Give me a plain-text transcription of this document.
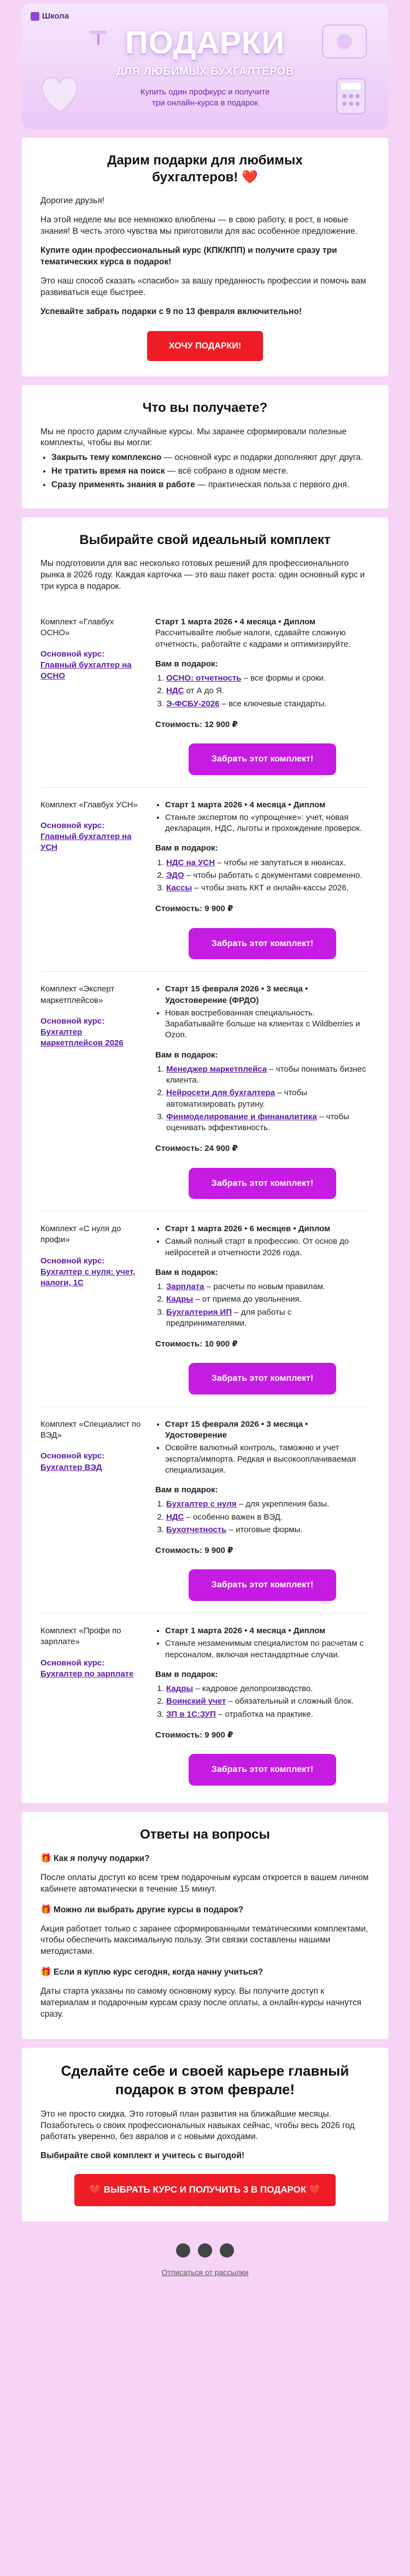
Школа
ПОДАРКИ
ДЛЯ ЛЮБИМЫХ БУХГАЛТЕРОВ
Купить один профкурс и получите три онлайн-курса в подарок
Дарим подарки для любимых бухгалтеров! ❤️

Дорогие друзья!

На этой неделе мы все немножко влюблены — в свою работу, в рост, в новые знания! В честь этого чувства мы приготовили для вас особенное предложение.

Купите один профессиональный курс (КПК/КПП) и получите сразу три тематических курса в подарок!

Это наш способ сказать «спасибо» за вашу преданность профессии и помочь вам развиваться еще быстрее.

Успевайте забрать подарки с 9 по 13 февраля включительно!

ХОЧУ ПОДАРКИ!
Что вы получаете?

Мы не просто дарим случайные курсы. Мы заранее сформировали полезные комплекты, чтобы вы могли:

• Закрыть тему комплексно — основной курс и подарки дополняют друг друга.
• Не тратить время на поиск — всё собрано в одном месте.
• Сразу применять знания в работе — практическая польза с первого дня.
Выбирайте свой идеальный комплект

Мы подготовили для вас несколько готовых решений для профессионального рынка в 2026 году. Каждая карточка — это ваш пакет роста: один основный курс и три курса в подарок.

Комплект «Главбух ОСНО»
Основной курс:
Главный бухгалтер на ОСНО
Старт 1 марта 2026 • 4 месяца • Диплом
Рассчитывайте любые налоги, сдавайте сложную отчетность, работайте с кадрами и оптимизируйте.
Вам в подарок:
1. ОСНО: отчетность – все формы и сроки.
2. НДС от А до Я.
3. Э-ФСБУ-2026 – все ключевые стандарты.
Стоимость: 12 900 ₽
Забрать этот комплект!
Комплект «Главбух УСН»
Основной курс:
Главный бухгалтер на УСН
• Старт 1 марта 2026 • 4 месяца • Диплом
• Станьте экспертом по «упрощенке»: учет, новая декларация, НДС, льготы и прохождение проверок.
Вам в подарок:
1. НДС на УСН – чтобы не запутаться в нюансах.
2. ЭДО – чтобы работать с документами современно.
3. Кассы – чтобы знать ККТ и онлайн-кассы 2026.
Стоимость: 9 900 ₽
Забрать этот комплект!
Комплект «Эксперт маркетплейсов»
Основной курс:
Бухгалтер маркетплейсов 2026
• Старт 15 февраля 2026 • 3 месяца • Удостоверение (ФРДО)
• Новая востребованная специальность. Зарабатывайте больше на клиентах с Wildberries и Ozon.
Вам в подарок:
1. Менеджер маркетплейса – чтобы понимать бизнес клиента.
2. Нейросети для бухгалтера – чтобы автоматизировать рутину.
3. Финмоделирование и финаналитика – чтобы оценивать эффективность.
Стоимость: 24 900 ₽
Забрать этот комплект!
Комплект «С нуля до профи»
Основной курс:
Бухгалтер с нуля: учет, налоги, 1С
• Старт 1 марта 2026 • 6 месяцев • Диплом
• Самый полный старт в профессию. От основ до нейросетей и отчетности 2026 года.
Вам в подарок:
1. Зарплата – расчеты по новым правилам.
2. Кадры – от приема до увольнения.
3. Бухгалтерия ИП – для работы с предпринимателями.
Стоимость: 10 900 ₽
Забрать этот комплект!
Комплект «Специалист по ВЭД»
Основной курс:
Бухгалтер ВЭД
• Старт 15 февраля 2026 • 3 месяца • Удостоверение
• Освойте валютный контроль, таможню и учет экспорта/импорта. Редкая и высокооплачиваемая специализация.
Вам в подарок:
1. Бухгалтер с нуля – для укрепления базы.
2. НДС – особенно важен в ВЭД.
3. Бухотчетность – итоговые формы.
Стоимость: 9 900 ₽
Забрать этот комплект!
Комплект «Профи по зарплате»
Основной курс:
Бухгалтер по зарплате
• Старт 1 марта 2026 • 4 месяца • Диплом
• Станьте незаменимым специалистом по расчетам с персоналом, включая нестандартные случаи.
Вам в подарок:
1. Кадры – кадровое делопроизводство.
2. Воинский учет – обязательный и сложный блок.
3. ЗП в 1С:ЗУП – отработка на практике.
Стоимость: 9 900 ₽
Забрать этот комплект!
Ответы на вопросы

🎁 Как я получу подарки?

После оплаты доступ ко всем трем подарочным курсам откроется в вашем личном кабинете автоматически в течение 15 минут.

🎁 Можно ли выбрать другие курсы в подарок?

Акция работает только с заранее сформированными тематическими комплектами, чтобы обеспечить максимальную пользу. Эти связки составлены нашими методистами.

🎁 Если я куплю курс сегодня, когда начну учиться?

Даты старта указаны по самому основному курсу. Вы получите доступ к материалам и подарочным курсам сразу после оплаты, а онлайн-курсы начнутся сразу.

Сделайте себе и своей карьере главный подарок в этом феврале!

Это не просто скидка. Это готовый план развития на ближайшие месяцы. Позаботьтесь о своих профессиональных навыках сейчас, чтобы весь 2026 год работать уверенно, без авралов и с новыми доходами.

Выбирайте свой комплект и учитесь с выгодой!

❤️ ВЫБРАТЬ КУРС И ПОЛУЧИТЬ 3 В ПОДАРОК ❤️
Отписаться от рассылки
